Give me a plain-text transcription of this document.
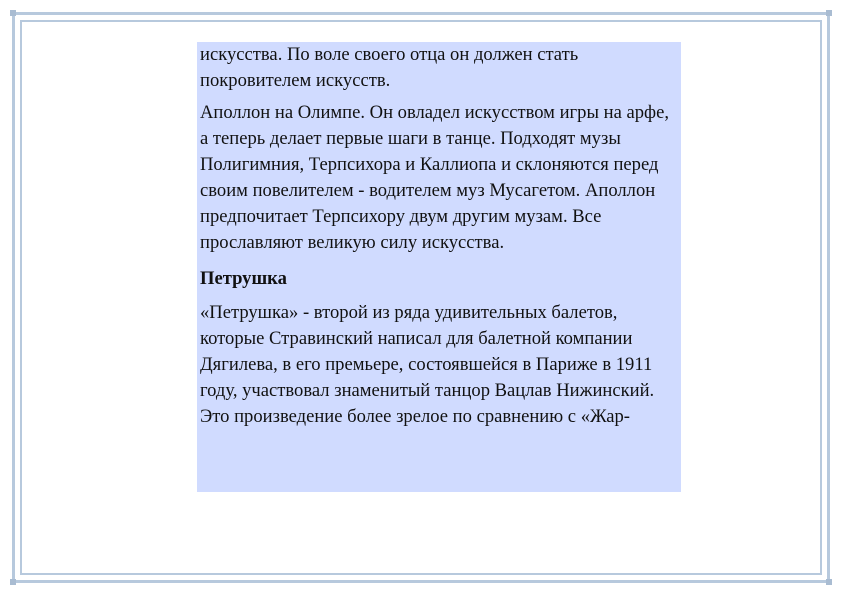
искусства. По воле своего отца он должен стать покровителем искусств.

Аполлон на Олимпе. Он овладел искусством игры на арфе, а теперь делает первые шаги в танце. Подходят музы Полигимния, Терпсихора и Каллиопа и склоняются перед своим повелителем - водителем муз Мусагетом. Аполлон предпочитает Терпсихору двум другим музам. Все прославляют великую силу искусства.

Петрушка

«Петрушка» - второй из ряда удивительных балетов, которые Стравинский написал для балетной компании Дягилева, в его премьере, состоявшейся в Париже в 1911 году, участвовал знаменитый танцор Вацлав Нижинский. Это произведение более зрелое по сравнению с «Жар-
